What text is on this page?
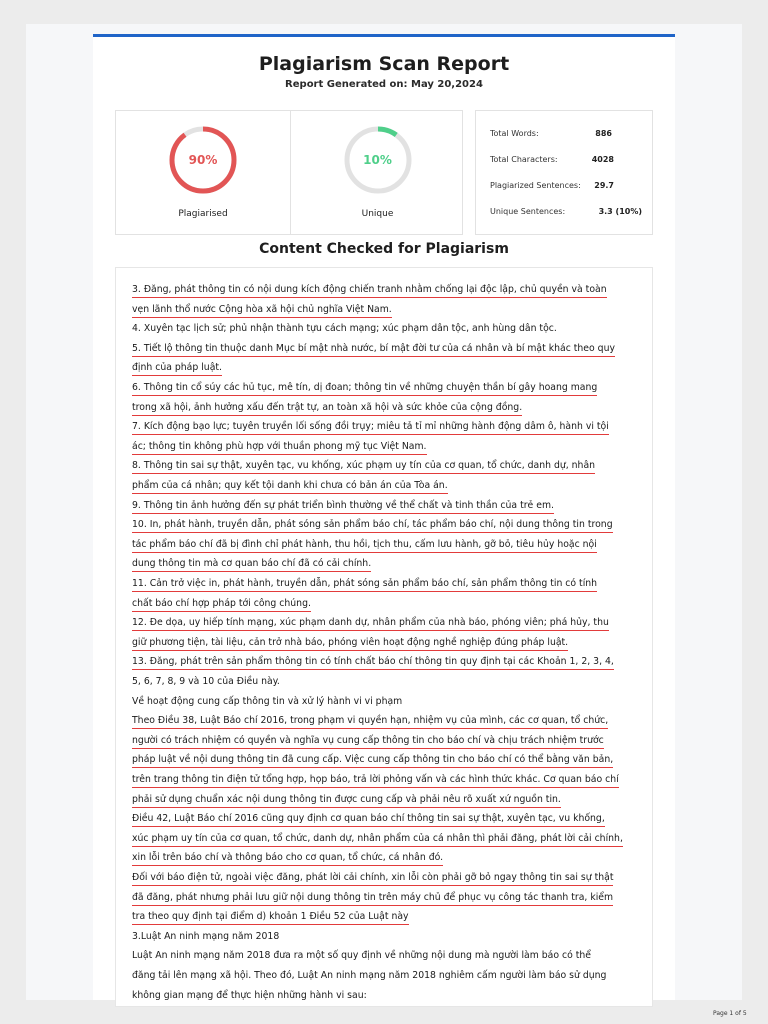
Plagiarism Scan Report
Report Generated on: May 20,2024
90%
Plagiarised
10%
Unique
Total Words:	886
Total Characters:	4028
Plagiarized Sentences: 29.7
Unique Sentences:	3.3 (10%)
Content Checked for Plagiarism
3. Đăng, phát thông tin có nội dung kích động chiến tranh nhằm chống lại độc lập, chủ quyền và toàn
vẹn lãnh thổ nước Cộng hòa xã hội chủ nghĩa Việt Nam.
4. Xuyên tạc lịch sử; phủ nhận thành tựu cách mạng; xúc phạm dân tộc, anh hùng dân tộc.
5. Tiết lộ thông tin thuộc danh Mục bí mật nhà nước, bí mật đời tư của cá nhân và bí mật khác theo quy
định của pháp luật.
6. Thông tin cổ súy các hủ tục, mê tín, dị đoan; thông tin về những chuyện thần bí gây hoang mang
trong xã hội, ảnh hưởng xấu đến trật tự, an toàn xã hội và sức khỏe của cộng đồng.
7. Kích động bạo lực; tuyên truyền lối sống đồi trụy; miêu tả tỉ mỉ những hành động dâm ô, hành vi tội
ác; thông tin không phù hợp với thuần phong mỹ tục Việt Nam.
8. Thông tin sai sự thật, xuyên tạc, vu khống, xúc phạm uy tín của cơ quan, tổ chức, danh dự, nhân
phẩm của cá nhân; quy kết tội danh khi chưa có bản án của Tòa án.
9. Thông tin ảnh hưởng đến sự phát triển bình thường về thể chất và tinh thần của trẻ em.
10. In, phát hành, truyền dẫn, phát sóng sản phẩm báo chí, tác phẩm báo chí, nội dung thông tin trong
tác phẩm báo chí đã bị đình chỉ phát hành, thu hồi, tịch thu, cấm lưu hành, gỡ bỏ, tiêu hủy hoặc nội
dung thông tin mà cơ quan báo chí đã có cải chính.
11. Cản trở việc in, phát hành, truyền dẫn, phát sóng sản phẩm báo chí, sản phẩm thông tin có tính
chất báo chí hợp pháp tới công chúng.
12. Đe dọa, uy hiếp tính mạng, xúc phạm danh dự, nhân phẩm của nhà báo, phóng viên; phá hủy, thu
giữ phương tiện, tài liệu, cản trở nhà báo, phóng viên hoạt động nghề nghiệp đúng pháp luật.
13. Đăng, phát trên sản phẩm thông tin có tính chất báo chí thông tin quy định tại các Khoản 1, 2, 3, 4,
5, 6, 7, 8, 9 và 10 của Điều này.
Về hoạt động cung cấp thông tin và xử lý hành vi vi phạm
Theo Điều 38, Luật Báo chí 2016, trong phạm vi quyền hạn, nhiệm vụ của mình, các cơ quan, tổ chức,
người có trách nhiệm có quyền và nghĩa vụ cung cấp thông tin cho báo chí và chịu trách nhiệm trước
pháp luật về nội dung thông tin đã cung cấp. Việc cung cấp thông tin cho báo chí có thể bằng văn bản,
trên trang thông tin điện tử tổng hợp, họp báo, trả lời phỏng vấn và các hình thức khác. Cơ quan báo chí
phải sử dụng chuẩn xác nội dung thông tin được cung cấp và phải nêu rõ xuất xứ nguồn tin.
Điều 42, Luật Báo chí 2016 cũng quy định cơ quan báo chí thông tin sai sự thật, xuyên tạc, vu khống,
xúc phạm uy tín của cơ quan, tổ chức, danh dự, nhân phẩm của cá nhân thì phải đăng, phát lời cải chính,
xin lỗi trên báo chí và thông báo cho cơ quan, tổ chức, cá nhân đó.
Đối với báo điện tử, ngoài việc đăng, phát lời cải chính, xin lỗi còn phải gỡ bỏ ngay thông tin sai sự thật
đã đăng, phát nhưng phải lưu giữ nội dung thông tin trên máy chủ để phục vụ công tác thanh tra, kiểm
tra theo quy định tại điểm d) khoản 1 Điều 52 của Luật này
3.Luật An ninh mạng năm 2018
Luật An ninh mạng năm 2018 đưa ra một số quy định về những nội dung mà người làm báo có thể
đăng tải lên mạng xã hội. Theo đó, Luật An ninh mạng năm 2018 nghiêm cấm người làm báo sử dụng
không gian mạng để thực hiện những hành vi sau:
Page 1 of 5
